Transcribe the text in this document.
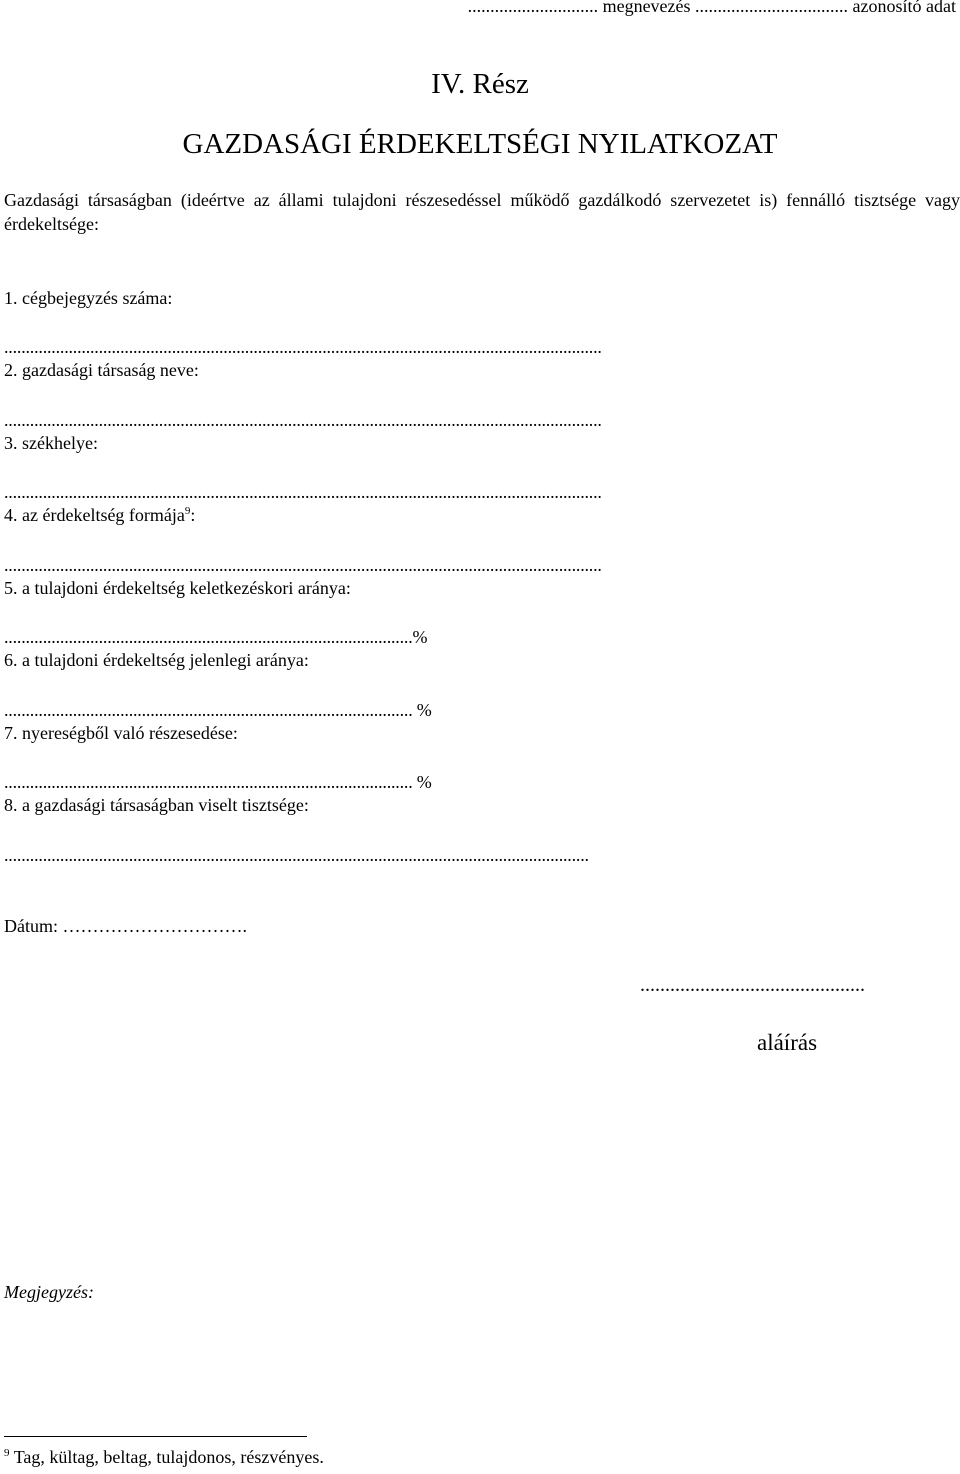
............................. megnevezés .................................. azonosító adat
IV. Rész
GAZDASÁGI ÉRDEKELTSÉGI NYILATKOZAT
Gazdasági társaságban (ideértve az állami tulajdoni részesedéssel működő gazdálkodó szervezetet is) fennálló tisztsége vagy érdekeltsége:
1. cégbejegyzés száma:
...........................................................................................................................................
2. gazdasági társaság neve:
...........................................................................................................................................
3. székhelye:
...........................................................................................................................................
4. az érdekeltség formája$^9$:
...........................................................................................................................................
5. a tulajdoni érdekeltség keletkezéskori aránya:
...............................................................................................%
6. a tulajdoni érdekeltség jelenlegi aránya:
............................................................................................... %
7. nyereségből való részesedése:
............................................................................................... %
8. a gazdasági társaságban viselt tisztsége:
........................................................................................................................................
Dátum: ………………………….
.............................................
aláírás
Megjegyzés:
$^9$ Tag, kültag, beltag, tulajdonos, részvényes.
